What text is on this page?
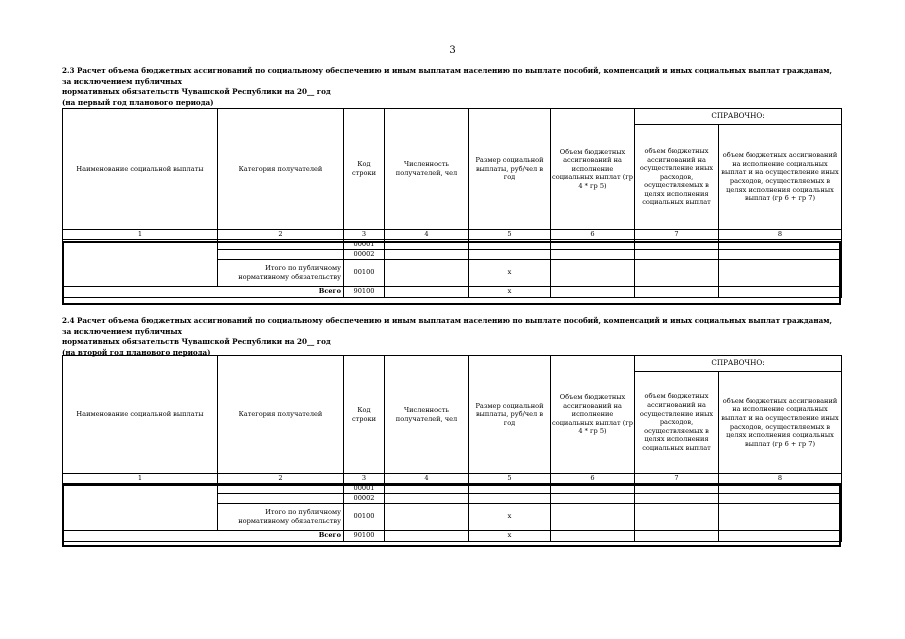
3
2.3 Расчет объема бюджетных ассигнований по социальному обеспечению и иным выплатам населению по выплате пособий, компенсаций и иных социальных выплат гражданам, за исключением публичных
нормативных обязательств Чувашской Республики на 20__ год
(на первый год планового периода)
Наименование социальной выплаты	Категория получателей	Код строки	Численность получателей, чел	Размер социальной выплаты, руб/чел в год	Объем бюджетных ассигнований на исполнение социальных выплат (гр 4 * гр 5)	СПРАВОЧНО:	
						объем бюджетных ассигнований на осуществление иных расходов, осуществляемых в целях исполнения социальных выплат	объем бюджетных ассигнований на исполнение социальных выплат и на осуществление иных расходов, осуществляемых в целях исполнения социальных выплат (гр 6 + гр 7)
1	2	3	4	5	6	7	8
		00001					
		00002					
	Итого по публичному нормативному обязательству	00100		x			
Всего		90100		x			
2.4 Расчет объема бюджетных ассигнований по социальному обеспечению и иным выплатам населению по выплате пособий, компенсаций и иных социальных выплат гражданам, за исключением публичных
нормативных обязательств Чувашской Республики на 20__ год
(на второй год планового периода)
Наименование социальной выплаты	Категория получателей	Код строки	Численность получателей, чел	Размер социальной выплаты, руб/чел в год	Объем бюджетных ассигнований на исполнение социальных выплат (гр 4 * гр 5)	СПРАВОЧНО:	
						объем бюджетных ассигнований на осуществление иных расходов, осуществляемых в целях исполнения социальных выплат	объем бюджетных ассигнований на исполнение социальных выплат и на осуществление иных расходов, осуществляемых в целях исполнения социальных выплат (гр 6 + гр 7)
1	2	3	4	5	6	7	8
		00001					
		00002					
	Итого по публичному нормативному обязательству	00100		x			
Всего		90100		x			
